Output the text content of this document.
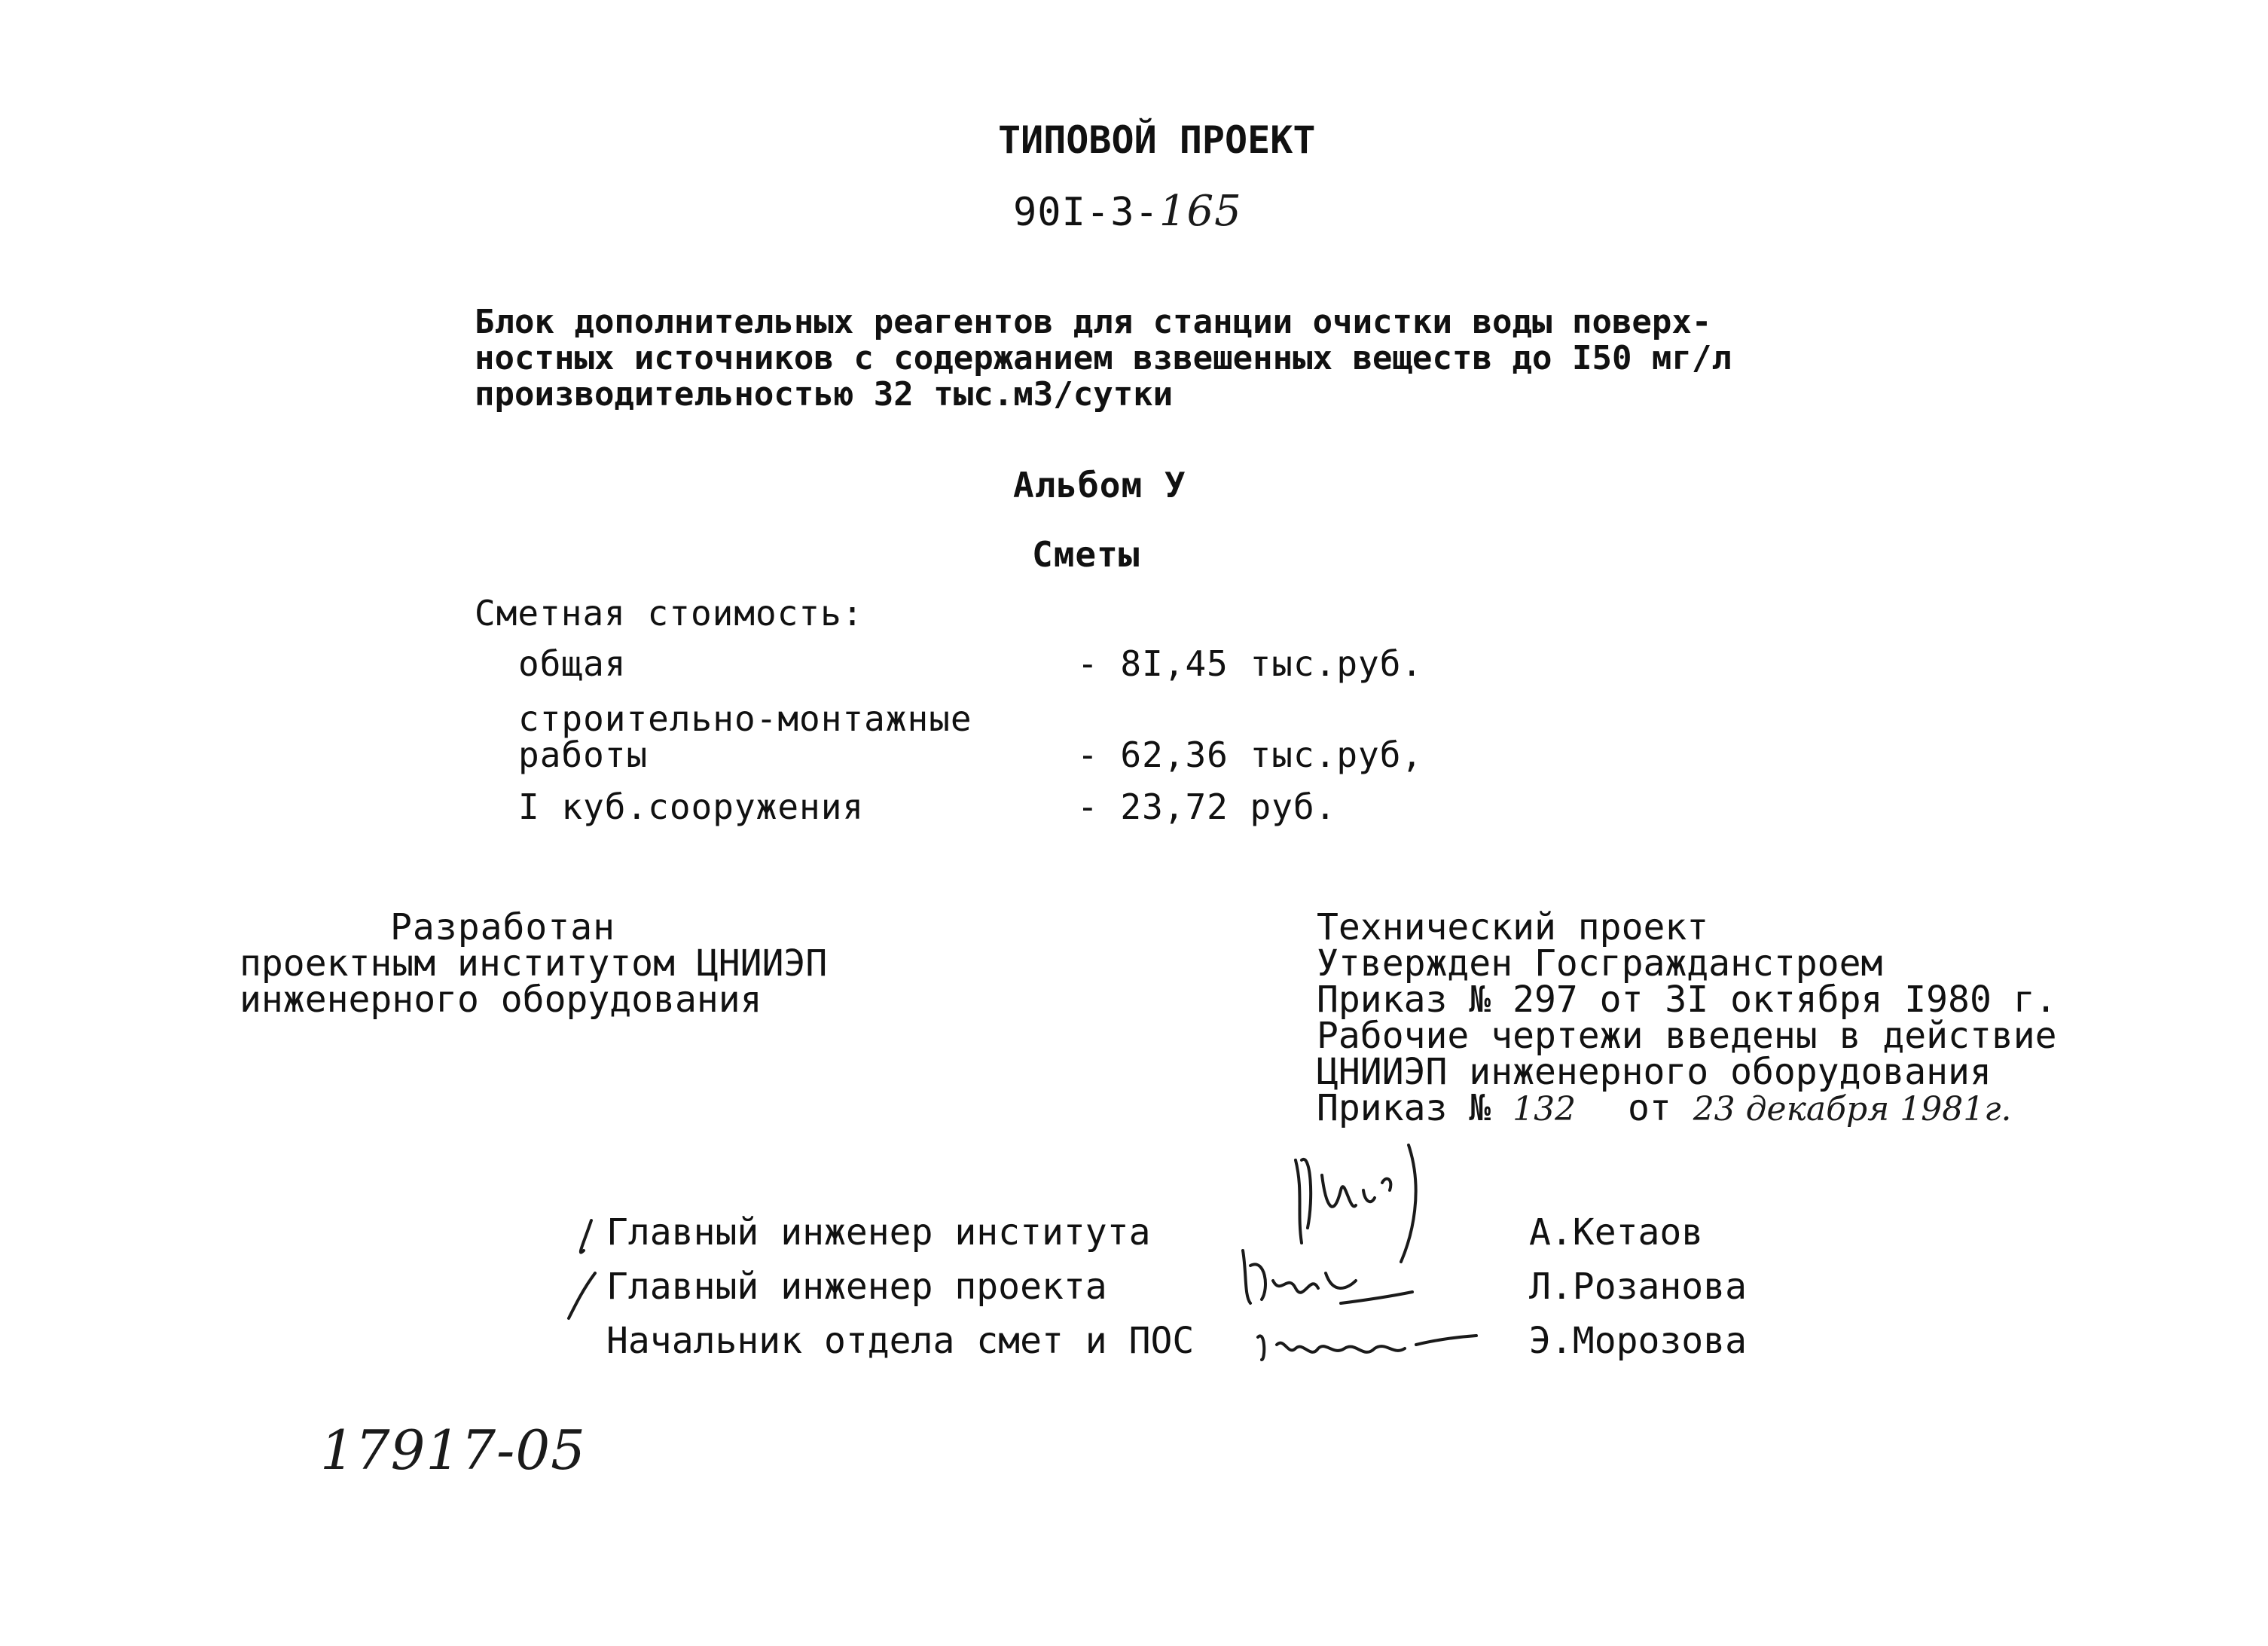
ТИПОВОЙ ПРОЕКТ
90I-3-165
Блок дополнительных реагентов для станции очистки воды поверх-
ностных источников с содержанием взвешенных веществ до I50 мг/л
производительностью 32 тыс.м3/сутки
Альбом У
Сметы
Сметная стоимость:
общая	- 8I,45 тыс.руб.
строительно-монтажные
работы	- 62,36 тыс.руб,
I куб.сооружения	- 23,72 руб.
Разработан
проектным институтом ЦНИИЭП
инженерного оборудования
Технический проект
Утвержден Госгражданстроем
Приказ № 297 от 3I октября I980 г.
Рабочие чертежи введены в действие
ЦНИИЭП инженерного оборудования
Приказ № 132 от 23 декабря 1981г.
Главный инженер института	А.Кетаов
Главный инженер проекта	Л.Розанова
Начальник отдела смет и ПОС	Э.Морозова
17917-05
